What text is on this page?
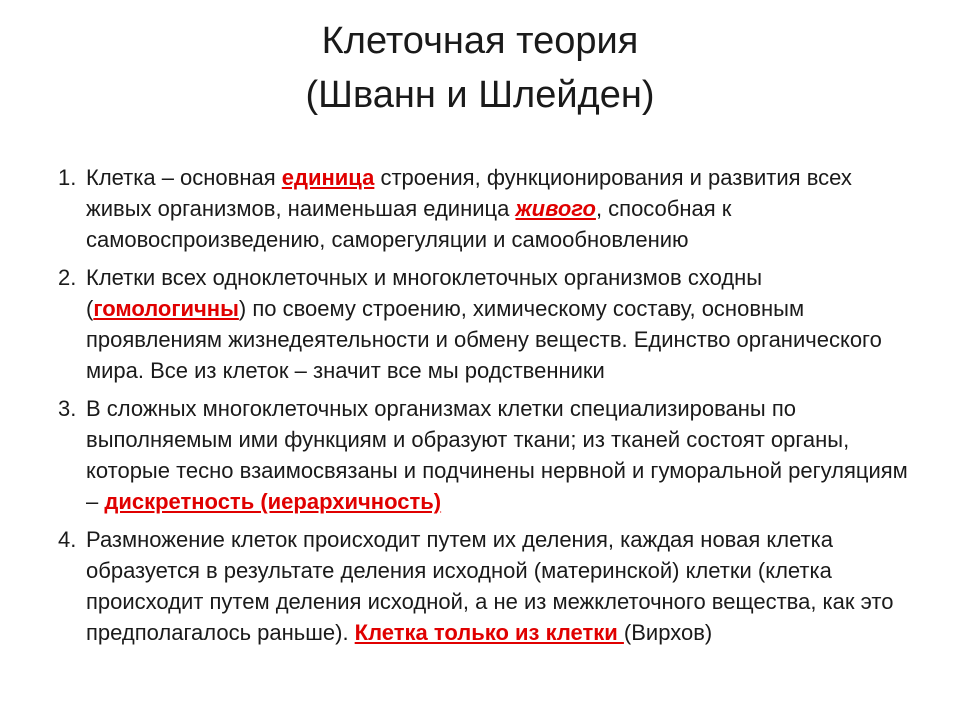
Клеточная теория
(Шванн и Шлейден)
1. Клетка – основная единица строения, функционирования и развития всех живых организмов, наименьшая единица живого, способная к самовоспроизведению, саморегуляции и самообновлению
2. Клетки всех одноклеточных и многоклеточных организмов сходны (гомологичны) по своему строению, химическому составу, основным проявлениям жизнедеятельности и обмену веществ. Единство органического мира. Все из клеток – значит все мы родственники
3. В сложных многоклеточных организмах клетки специализированы по выполняемым ими функциям и образуют ткани; из тканей состоят органы, которые тесно взаимосвязаны и подчинены нервной и гуморальной регуляциям – дискретность (иерархичность)
4. Размножение клеток происходит путем их деления, каждая новая клетка образуется в результате деления исходной (материнской) клетки (клетка происходит путем деления исходной, а не из межклеточного вещества, как это предполагалось раньше). Клетка только из клетки (Вирхов)
